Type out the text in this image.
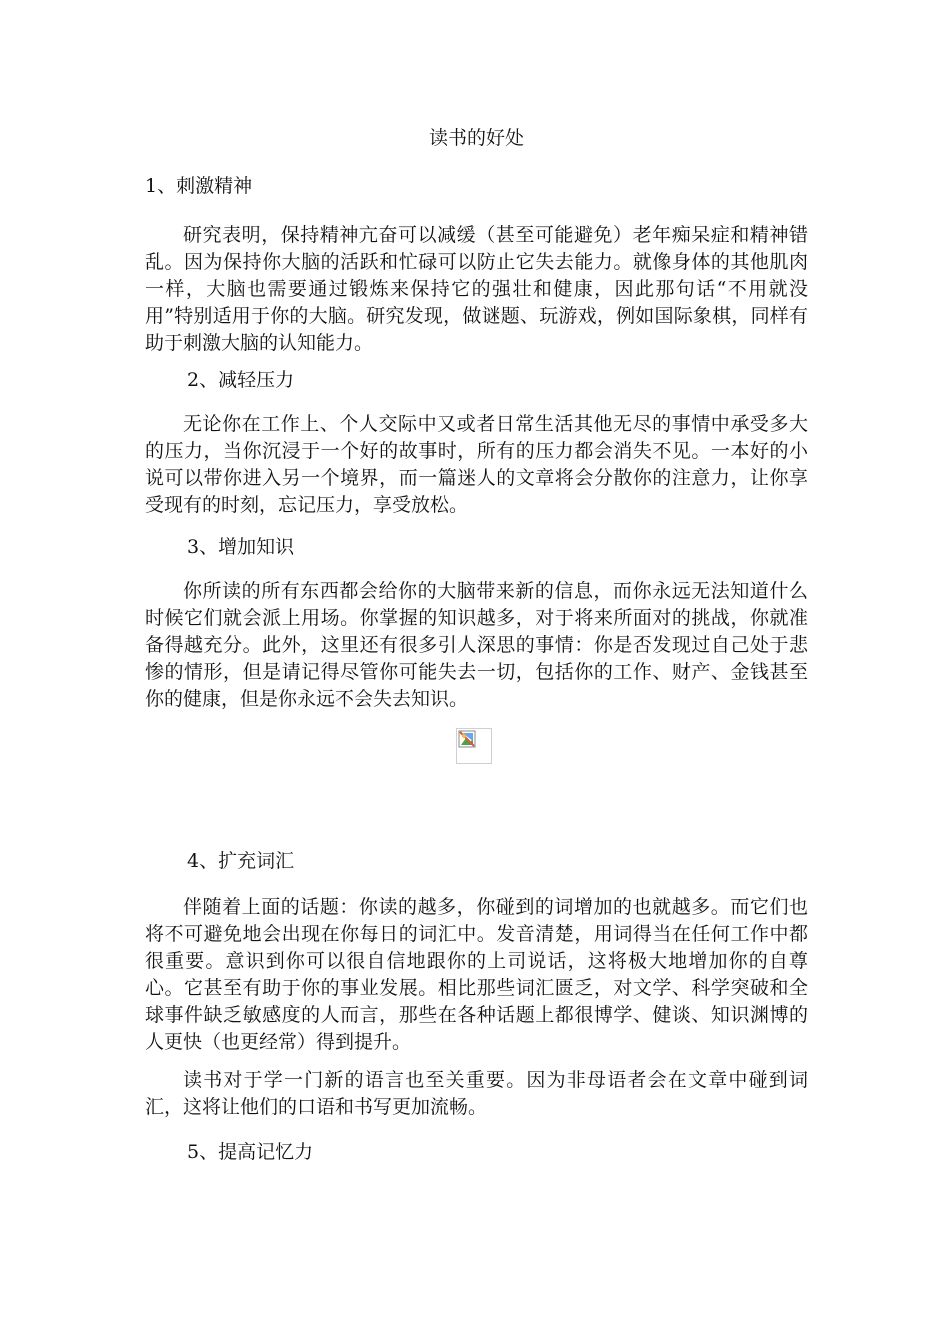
读书的好处
1、刺激精神

研究表明，保持精神亢奋可以减缓（甚至可能避免）老年痴呆症和精神错乱。因为保持你大脑的活跃和忙碌可以防止它失去能力。就像身体的其他肌肉一样，大脑也需要通过锻炼来保持它的强壮和健康，因此那句话“不用就没用”特别适用于你的大脑。研究发现，做谜题、玩游戏，例如国际象棋，同样有助于刺激大脑的认知能力。

2、减轻压力

无论你在工作上、个人交际中又或者日常生活其他无尽的事情中承受多大的压力，当你沉浸于一个好的故事时，所有的压力都会消失不见。一本好的小说可以带你进入另一个境界，而一篇迷人的文章将会分散你的注意力，让你享受现有的时刻，忘记压力，享受放松。

3、增加知识

你所读的所有东西都会给你的大脑带来新的信息，而你永远无法知道什么时候它们就会派上用场。你掌握的知识越多，对于将来所面对的挑战，你就准备得越充分。此外，这里还有很多引人深思的事情：你是否发现过自己处于悲惨的情形，但是请记得尽管你可能失去一切，包括你的工作、财产、金钱甚至你的健康，但是你永远不会失去知识。

4、扩充词汇

伴随着上面的话题：你读的越多，你碰到的词增加的也就越多。而它们也将不可避免地会出现在你每日的词汇中。发音清楚，用词得当在任何工作中都很重要。意识到你可以很自信地跟你的上司说话，这将极大地增加你的自尊心。它甚至有助于你的事业发展。相比那些词汇匮乏，对文学、科学突破和全球事件缺乏敏感度的人而言，那些在各种话题上都很博学、健谈、知识渊博的人更快（也更经常）得到提升。

读书对于学一门新的语言也至关重要。因为非母语者会在文章中碰到词汇，这将让他们的口语和书写更加流畅。

5、提高记忆力
